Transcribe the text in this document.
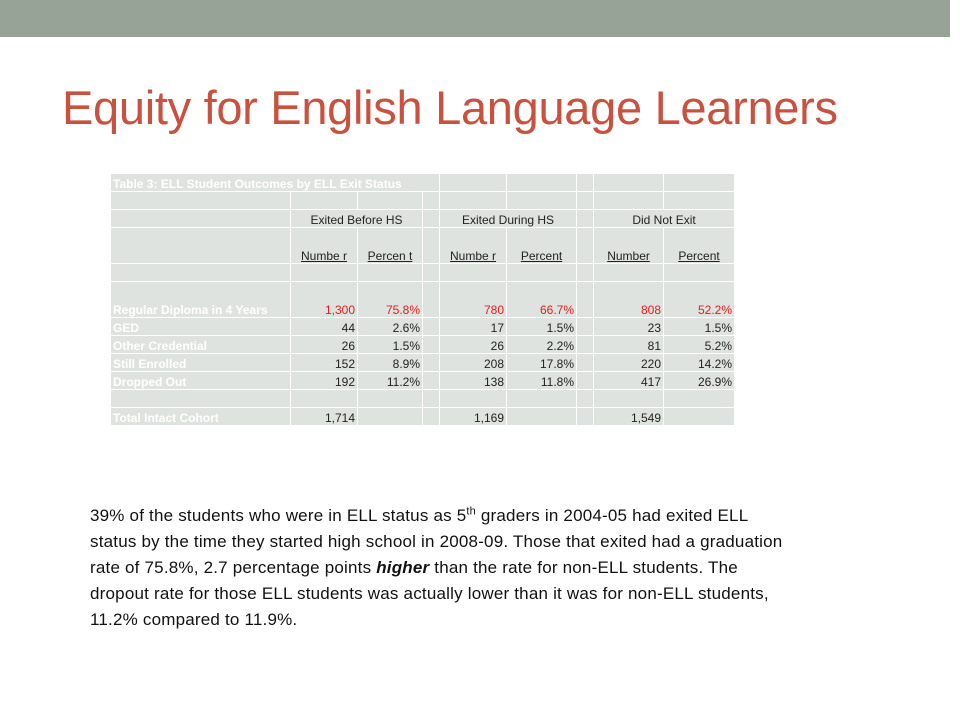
Equity for English Language Learners
Table 3: ELL Student Outcomes by ELL Exit Status								

	Exited Before HS			Exited During HS			Did Not Exit	
	Numbe r	Percen t		Numbe r	Percent		Number	Percent

Regular Diploma in 4 Years	1,300	75.8%		780	66.7%		808	52.2%
GED	44	2.6%		17	1.5%		23	1.5%
Other Credential	26	1.5%		26	2.2%		81	5.2%
Still Enrolled	152	8.9%		208	17.8%		220	14.2%
Dropped Out	192	11.2%		138	11.8%		417	26.9%

Total Intact Cohort	1,714			1,169			1,549	

39% of the students who were in ELL status as 5th graders in 2004-05 had exited ELL status by the time they started high school in 2008-09. Those that exited had a graduation rate of 75.8%, 2.7 percentage points higher than the rate for non-ELL students. The dropout rate for those ELL students was actually lower than it was for non-ELL students, 11.2% compared to 11.9%.
